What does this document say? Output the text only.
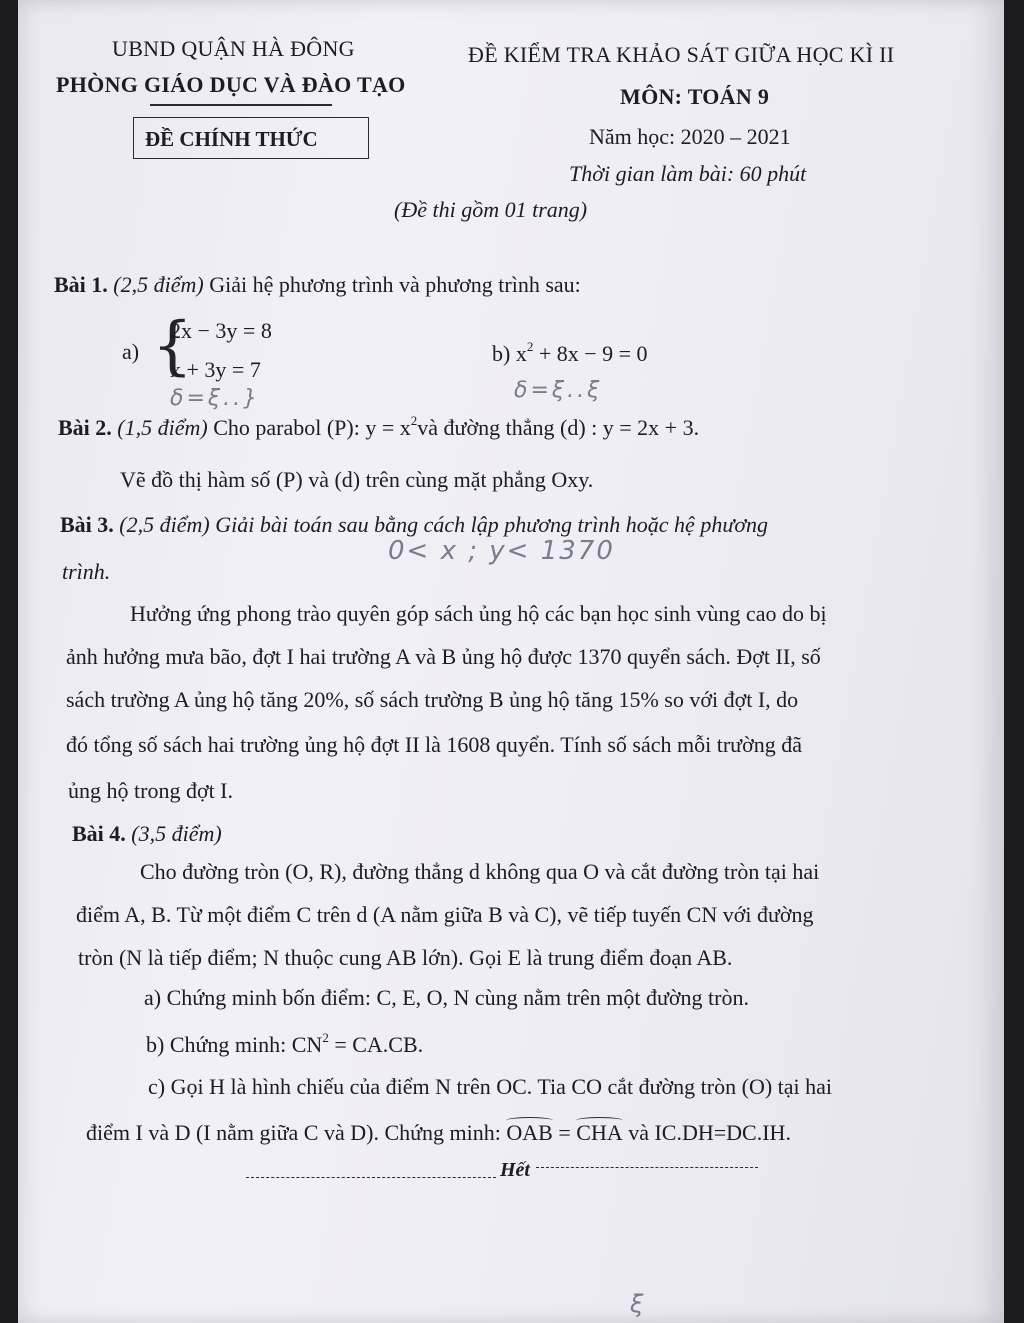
UBND QUẬN HÀ ĐÔNG
PHÒNG GIÁO DỤC VÀ ĐÀO TẠO
ĐỀ CHÍNH THỨC
ĐỀ KIỂM TRA KHẢO SÁT GIỮA HỌC KÌ II
MÔN: TOÁN 9
Năm học: 2020 – 2021
Thời gian làm bài: 60 phút
(Đề thi gồm 01 trang)
Bài 1. (2,5 điểm) Giải hệ phương trình và phương trình sau:
a) {
2x − 3y = 8
x + 3y = 7
b) $x^2 + 8x - 9 = 0$
δ=ξ..}	δ=ξ..ξ
Bài 2. (1,5 điểm) Cho parabol (P): $y = x^2và$ đường thẳng (d) : y = 2x + 3.
Vẽ đồ thị hàm số (P) và (d) trên cùng mặt phẳng Oxy.
Bài 3. (2,5 điểm) Giải bài toán sau bằng cách lập phương trình hoặc hệ phương
trình.
0< x ; y< 1370
Hưởng ứng phong trào quyên góp sách ủng hộ các bạn học sinh vùng cao do bị
ảnh hưởng mưa bão, đợt I hai trường A và B ủng hộ được 1370 quyển sách. Đợt II, số
sách trường A ủng hộ tăng 20%, số sách trường B ủng hộ tăng 15% so với đợt I, do
đó tổng số sách hai trường ủng hộ đợt II là 1608 quyển. Tính số sách mỗi trường đã
ủng hộ trong đợt I.
Bài 4. (3,5 điểm)
Cho đường tròn (O, R), đường thẳng d không qua O và cắt đường tròn tại hai
điểm A, B. Từ một điểm C trên d (A nằm giữa B và C), vẽ tiếp tuyến CN với đường
tròn (N là tiếp điểm; N thuộc cung AB lớn). Gọi E là trung điểm đoạn AB.
a) Chứng minh bốn điểm: C, E, O, N cùng nằm trên một đường tròn.
b) Chứng minh: $CN^2 = CA.CB$.
c) Gọi H là hình chiếu của điểm N trên OC. Tia CO cắt đường tròn (O) tại hai
điểm I và D (I nằm giữa C và D). Chứng minh: OAB = CHA và IC.DH=DC.IH.
Hết
ξ
